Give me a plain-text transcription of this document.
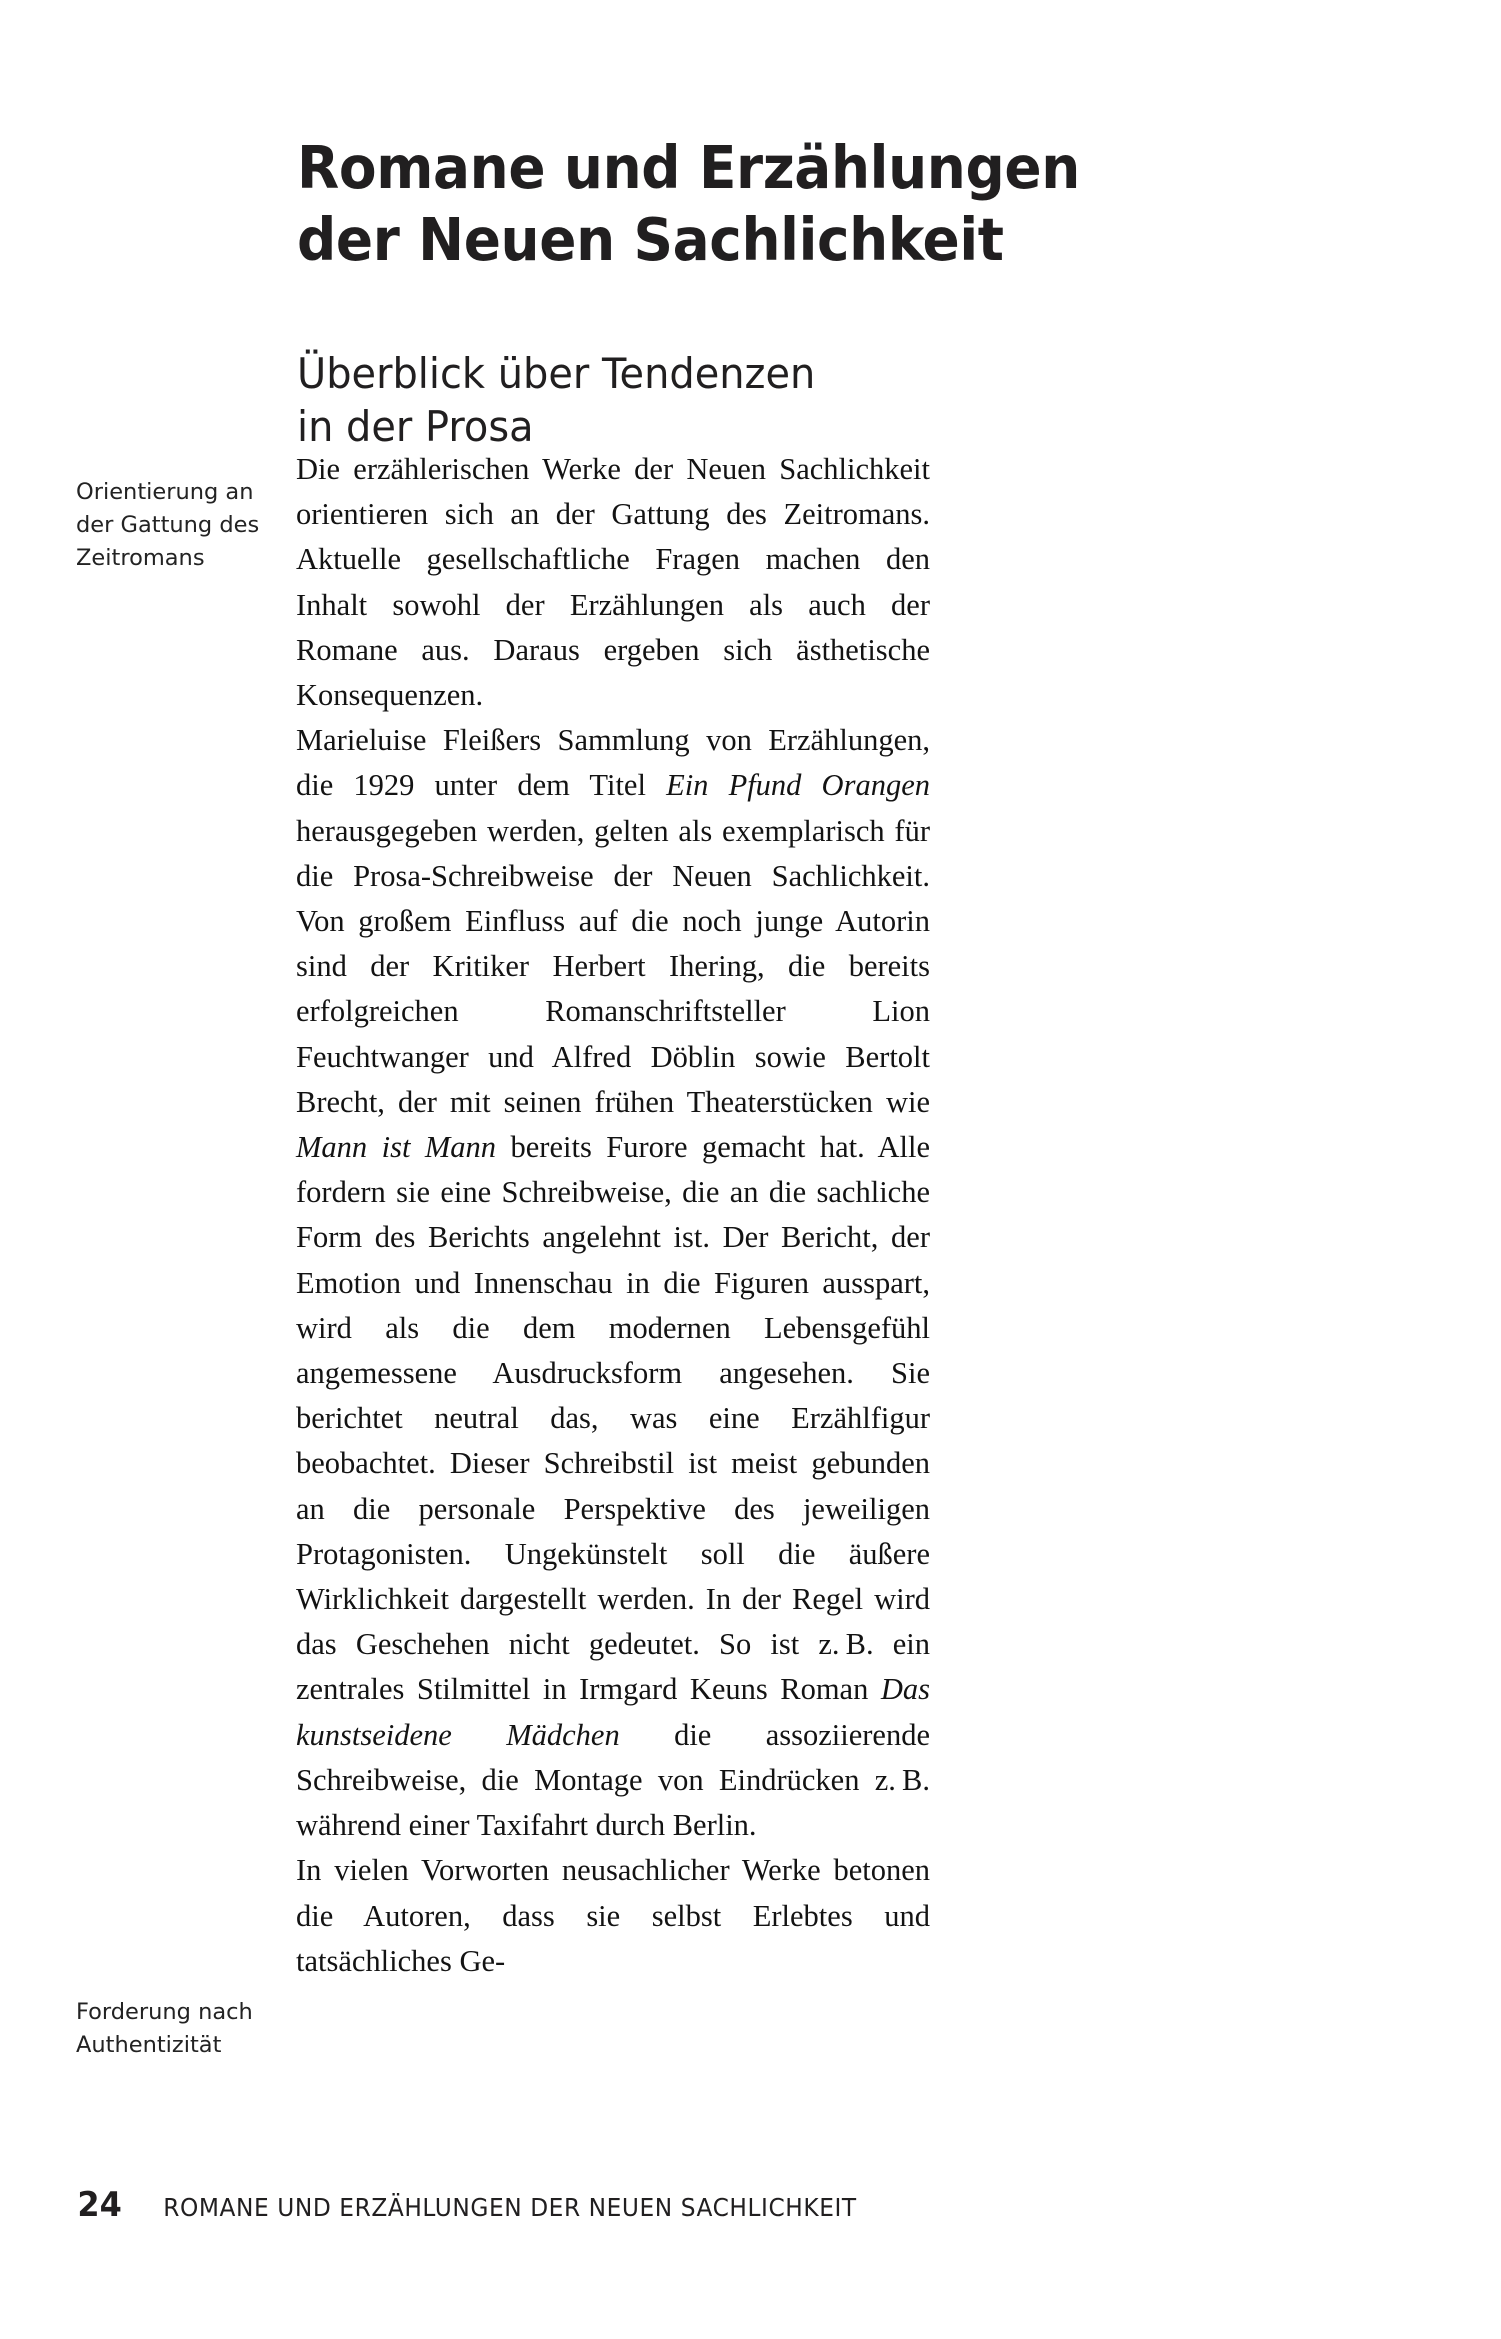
Romane und Erzählungen
der Neuen Sachlichkeit
Überblick über Tendenzen
in der Prosa
Orientierung an
der Gattung des
Zeitromans
Forderung nach
Authentizität

Die erzählerischen Werke der Neuen Sachlichkeit orientieren sich an der Gattung des Zeitromans. Aktuelle gesellschaftliche Fragen machen den Inhalt sowohl der Erzählungen als auch der Romane aus. Daraus ergeben sich ästhetische Konsequenzen.

Marieluise Fleißers Sammlung von Erzählungen, die 1929 unter dem Titel Ein Pfund Orangen herausgegeben werden, gelten als exemplarisch für die Prosa-Schreibweise der Neuen Sachlichkeit. Von großem Einfluss auf die noch junge Autorin sind der Kritiker Herbert Ihering, die bereits erfolgreichen Romanschriftsteller Lion Feuchtwanger und Alfred Döblin sowie Bertolt Brecht, der mit seinen frühen Theaterstücken wie Mann ist Mann bereits Furore gemacht hat. Alle fordern sie eine Schreibweise, die an die sachliche Form des Berichts angelehnt ist. Der Bericht, der Emotion und Innenschau in die Figuren ausspart, wird als die dem modernen Lebensgefühl angemessene Ausdrucksform angesehen. Sie berichtet neutral das, was eine Erzählfigur beobachtet. Dieser Schreibstil ist meist gebunden an die personale Perspektive des jeweiligen Protagonisten. Ungekünstelt soll die äußere Wirklichkeit dargestellt werden. In der Regel wird das Geschehen nicht gedeutet. So ist z. B. ein zentrales Stilmittel in Irmgard Keuns Roman Das kunstseidene Mädchen die assoziierende Schreibweise, die Montage von Eindrücken z. B. während einer Taxifahrt durch Berlin.

In vielen Vorworten neusachlicher Werke betonen die Autoren, dass sie selbst Erlebtes und tatsächliches Ge-

24 ROMANE UND ERZÄHLUNGEN DER NEUEN SACHLICHKEIT
